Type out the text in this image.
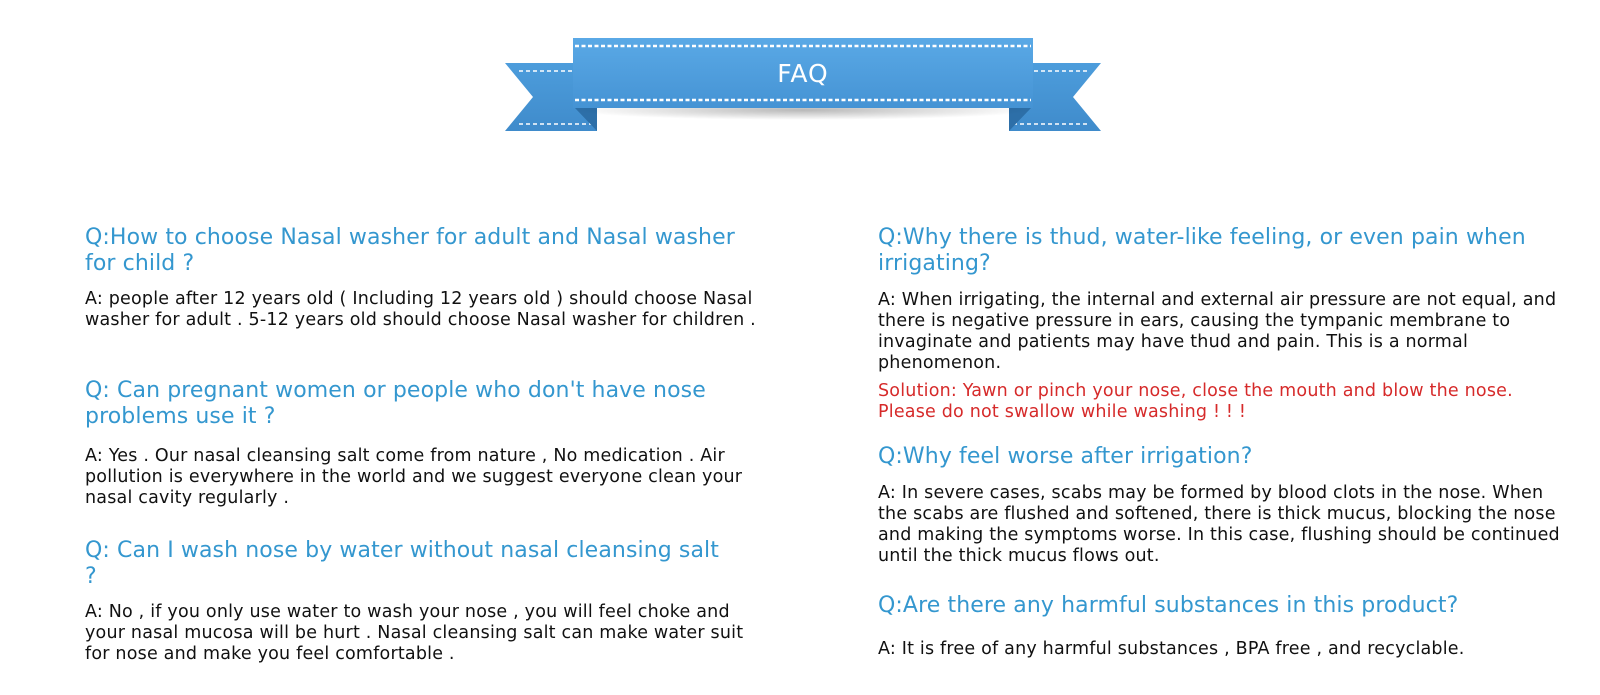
FAQ

Q:How to choose Nasal washer for adult and Nasal washer for child ?

A: people after 12 years old ( Including 12 years old ) should choose Nasal washer for adult . 5-12 years old should choose Nasal washer for children .

Q: Can pregnant women or people who don't have nose problems use it ?

A: Yes . Our nasal cleansing salt come from nature , No medication . Air pollution is everywhere in the world and we suggest everyone clean your nasal cavity regularly .

Q: Can I wash nose by water without nasal cleansing salt ?

A: No , if you only use water to wash your nose , you will feel choke and your nasal mucosa will be hurt . Nasal cleansing salt can make water suit for nose and make you feel comfortable .

Q:Why there is thud, water-like feeling, or even pain when irrigating?

A: When irrigating, the internal and external air pressure are not equal, and there is negative pressure in ears, causing the tympanic membrane to invaginate and patients may have thud and pain. This is a normal phenomenon.

Solution: Yawn or pinch your nose, close the mouth and blow the nose. Please do not swallow while washing ! ! !

Q:Why feel worse after irrigation?

A: In severe cases, scabs may be formed by blood clots in the nose. When the scabs are flushed and softened, there is thick mucus, blocking the nose and making the symptoms worse. In this case, flushing should be continued until the thick mucus flows out.

Q:Are there any harmful substances in this product?

A: It is free of any harmful substances , BPA free , and recyclable.
